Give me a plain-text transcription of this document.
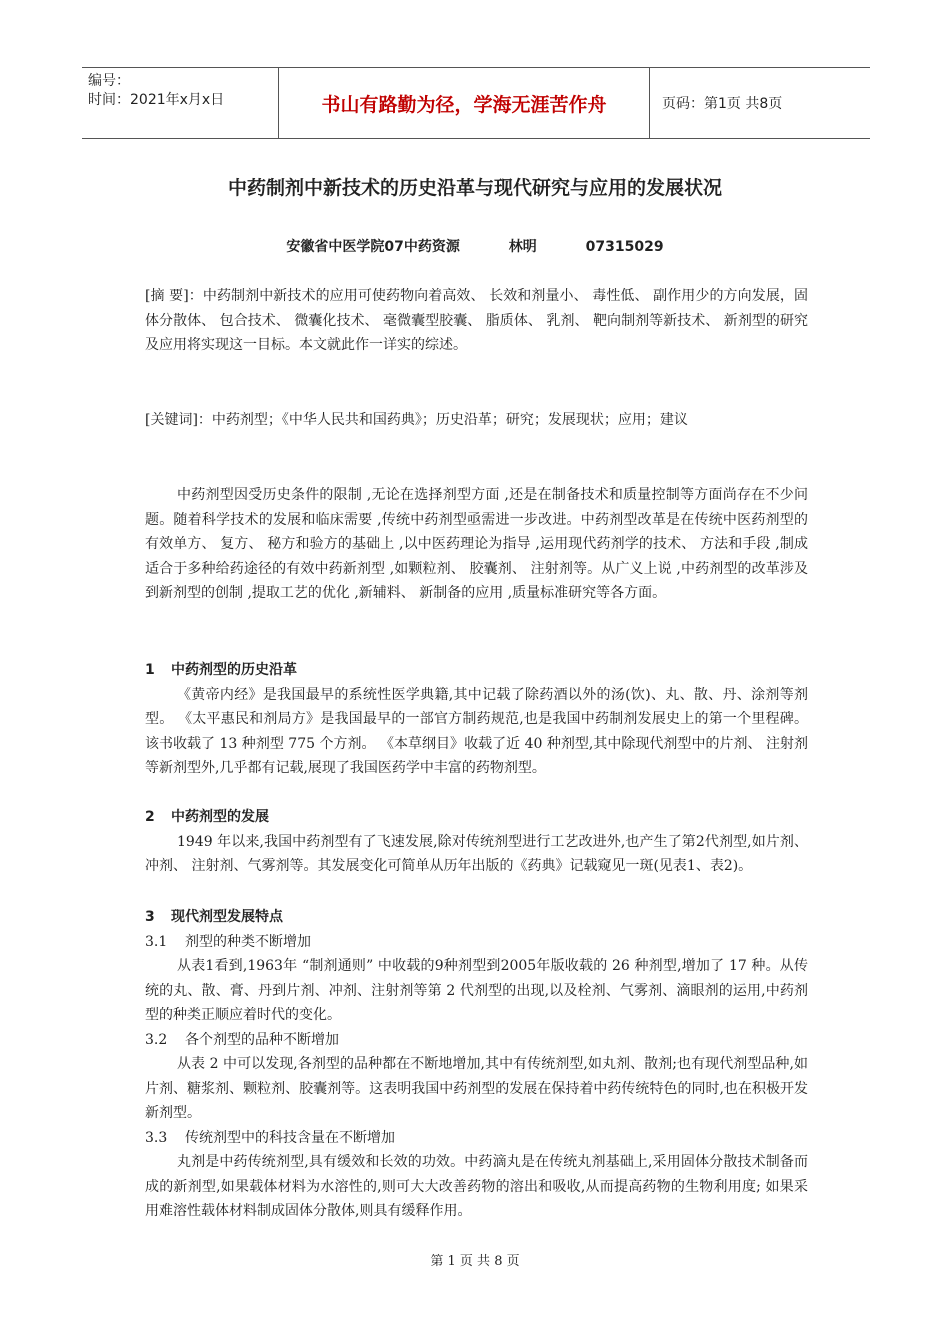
编号：
时间：2021年x月x日	书山有路勤为径，学海无涯苦作舟	页码：第1页 共8页
中药制剂中新技术的历史沿革与现代研究与应用的发展状况
安徽省中医学院07中药资源	林明	07315029
[摘 要]：中药制剂中新技术的应用可使药物向着高效、 长效和剂量小、 毒性低、 副作用少的方向发展，固体分散体、 包合技术、 微囊化技术、 毫微囊型胶囊、 脂质体、 乳剂、 靶向制剂等新技术、 新剂型的研究及应用将实现这一目标。本文就此作一详实的综述。
[关键词]：中药剂型；《中华人民共和国药典》；历史沿革；研究；发展现状；应用；建议
中药剂型因受历史条件的限制 ,无论在选择剂型方面 ,还是在制备技术和质量控制等方面尚存在不少问题。随着科学技术的发展和临床需要 ,传统中药剂型亟需进一步改进。中药剂型改革是在传统中医药剂型的有效单方、 复方、 秘方和验方的基础上 ,以中医药理论为指导 ,运用现代药剂学的技术、 方法和手段 ,制成适合于多种给药途径的有效中药新剂型 ,如颗粒剂、 胶囊剂、 注射剂等。从广义上说 ,中药剂型的改革涉及到新剂型的创制 ,提取工艺的优化 ,新辅料、 新制备的应用 ,质量标准研究等各方面。
1 中药剂型的历史沿革
《黄帝内经》是我国最早的系统性医学典籍,其中记载了除药酒以外的汤(饮)、丸、散、丹、涂剂等剂型。 《太平惠民和剂局方》是我国最早的一部官方制药规范,也是我国中药制剂发展史上的第一个里程碑。该书收载了 13 种剂型 775 个方剂。 《本草纲目》收载了近 40 种剂型,其中除现代剂型中的片剂、 注射剂等新剂型外,几乎都有记载,展现了我国医药学中丰富的药物剂型。
2 中药剂型的发展
1949 年以来,我国中药剂型有了飞速发展,除对传统剂型进行工艺改进外,也产生了第2代剂型,如片剂、 冲剂、 注射剂、气雾剂等。其发展变化可简单从历年出版的《药典》记载窥见一斑(见表1、表2)。
3 现代剂型发展特点
3.1 剂型的种类不断增加
从表1看到,1963年 “制剂通则” 中收载的9种剂型到2005年版收载的 26 种剂型,增加了 17 种。从传统的丸、散、膏、丹到片剂、冲剂、注射剂等第 2 代剂型的出现,以及栓剂、气雾剂、滴眼剂的运用,中药剂型的种类正顺应着时代的变化。
3.2 各个剂型的品种不断增加
从表 2 中可以发现,各剂型的品种都在不断地增加,其中有传统剂型,如丸剂、散剂;也有现代剂型品种,如片剂、糖浆剂、颗粒剂、胶囊剂等。这表明我国中药剂型的发展在保持着中药传统特色的同时,也在积极开发新剂型。
3.3 传统剂型中的科技含量在不断增加
丸剂是中药传统剂型,具有缓效和长效的功效。中药滴丸是在传统丸剂基础上,采用固体分散技术制备而成的新剂型,如果载体材料为水溶性的,则可大大改善药物的溶出和吸收,从而提高药物的生物利用度; 如果采用难溶性载体材料制成固体分散体,则具有缓释作用。
第 1 页 共 8 页
